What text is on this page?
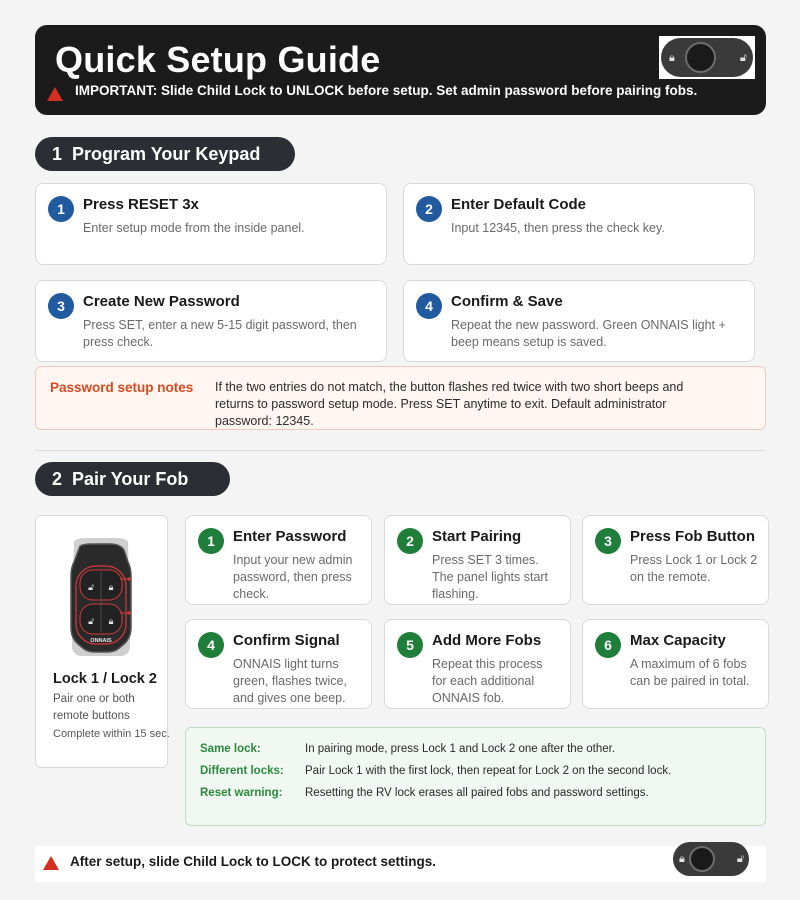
Quick Setup Guide
IMPORTANT: Slide Child Lock to UNLOCK before setup. Set admin password before pairing fobs.
🔒︎	🔓︎
1 Program Your Keypad
1	Press RESET 3x
Enter setup mode from the inside panel.
2	Enter Default Code
Input 12345, then press the check key.
3	Create New Password
Press SET, enter a new 5-15 digit password, then press check.
4	Confirm & Save
Repeat the new password. Green ONNAIS light + beep means setup is saved.
Password setup notes If the two entries do not match, the button flashes red twice with two short beeps and returns to password setup mode. Press SET anytime to exit. Default administrator password: 12345.
2 Pair Your Fob
🔓︎ 🔒︎
🔓︎ 🔒︎
ONNAIS
Lock 1 / Lock 2
Pair one or both remote buttons
Complete within 15 sec.
1	Enter Password
Input your new admin password, then press check.
2	Start Pairing
Press SET 3 times. The panel lights start flashing.
3	Press Fob Button
Press Lock 1 or Lock 2 on the remote.
4	Confirm Signal
ONNAIS light turns green, flashes twice, and gives one beep.
5	Add More Fobs
Repeat this process for each additional ONNAIS fob.
6	Max Capacity
A maximum of 6 fobs can be paired in total.
Same lock:	In pairing mode, press Lock 1 and Lock 2 one after the other.
Different locks: Pair Lock 1 with the first lock, then repeat for Lock 2 on the second lock.
Reset warning: Resetting the RV lock erases all paired fobs and password settings.
After setup, slide Child Lock to LOCK to protect settings.	🔒︎	🔓︎
